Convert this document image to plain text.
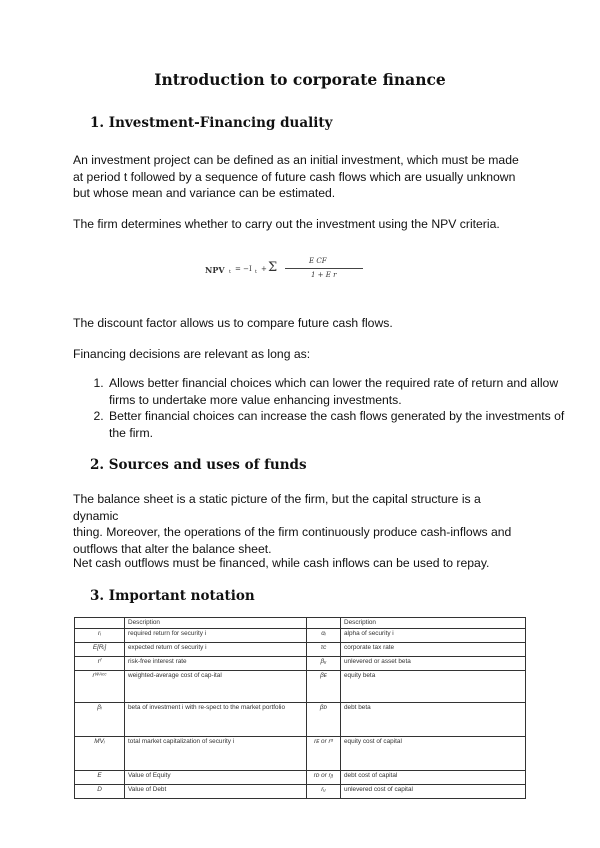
Introduction to corporate finance
1. Investment-Financing duality
An investment project can be defined as an initial investment, which must be made
at period t followed by a sequence of future cash flows which are usually unknown
but whose mean and variance can be estimated.
The firm determines whether to carry out the investment using the NPV criteria.
NPV t = −I t + Σ	E CF
1 + E r
The discount factor allows us to compare future cash flows.
Financing decisions are relevant as long as:
1. Allows better financial choices which can lower the required rate of return and allow firms to undertake more value enhancing investments.
2. Better financial choices can increase the cash flows generated by the investments of the firm.
2. Sources and uses of funds
The balance sheet is a static picture of the firm, but the capital structure is a dynamic
thing. Moreover, the operations of the firm continuously produce cash-inflows and
outflows that alter the balance sheet.
Net cash outflows must be financed, while cash inflows can be used to repay.
3. Important notation
	Description		Description
rᵢ	required return for security i	αᵢ	alpha of security i
E[Rᵢ]	expected return of security i	τc	corporate tax rate
rᶠ	risk-free interest rate	βᵤ	unlevered or asset beta
rᵂᴬᶜᶜ	weighted-average cost of cap-ital	βᴇ	equity beta
βᵢ	beta of investment i with re-spect to the market portfolio	βᴅ	debt beta
MVᵢ	total market capitalization of security i	rᴇ or rᵅ	equity cost of capital
E	Value of Equity	rᴅ or rᵦ	debt cost of capital
D	Value of Debt	rᵤ	unlevered cost of capital
